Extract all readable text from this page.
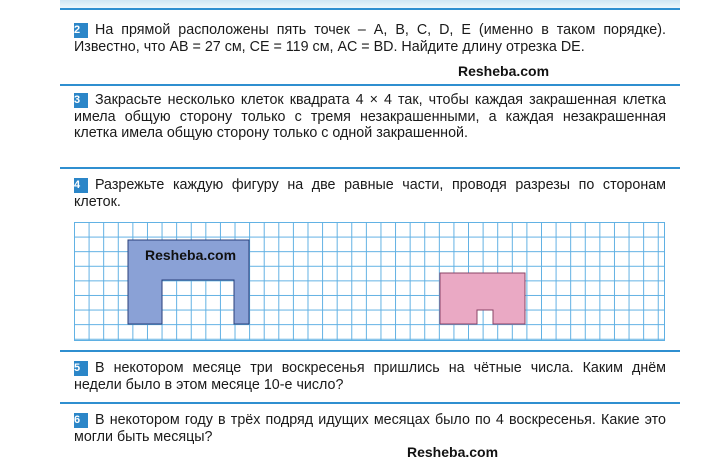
2 На прямой расположены пять точек – A, B, C, D, E (именно в таком порядке). Известно, что AB = 27 см, CE = 119 см, AC = BD. Найдите длину отрезка DE.
Resheba.com
3 Закрасьте несколько клеток квадрата 4 × 4 так, чтобы каждая закрашенная клетка имела общую сторону только с тремя незакрашенными, а каждая незакрашенная клетка имела общую сторону только с одной закрашенной.
4 Разрежьте каждую фигуру на две равные части, проводя разрезы по сторонам клеток.
Resheba.com
5 В некотором месяце три воскресенья пришлись на чётные числа. Каким днём недели было в этом месяце 10-е число?
6 В некотором году в трёх подряд идущих месяцах было по 4 воскресенья. Какие это могли быть месяцы?
Resheba.com
